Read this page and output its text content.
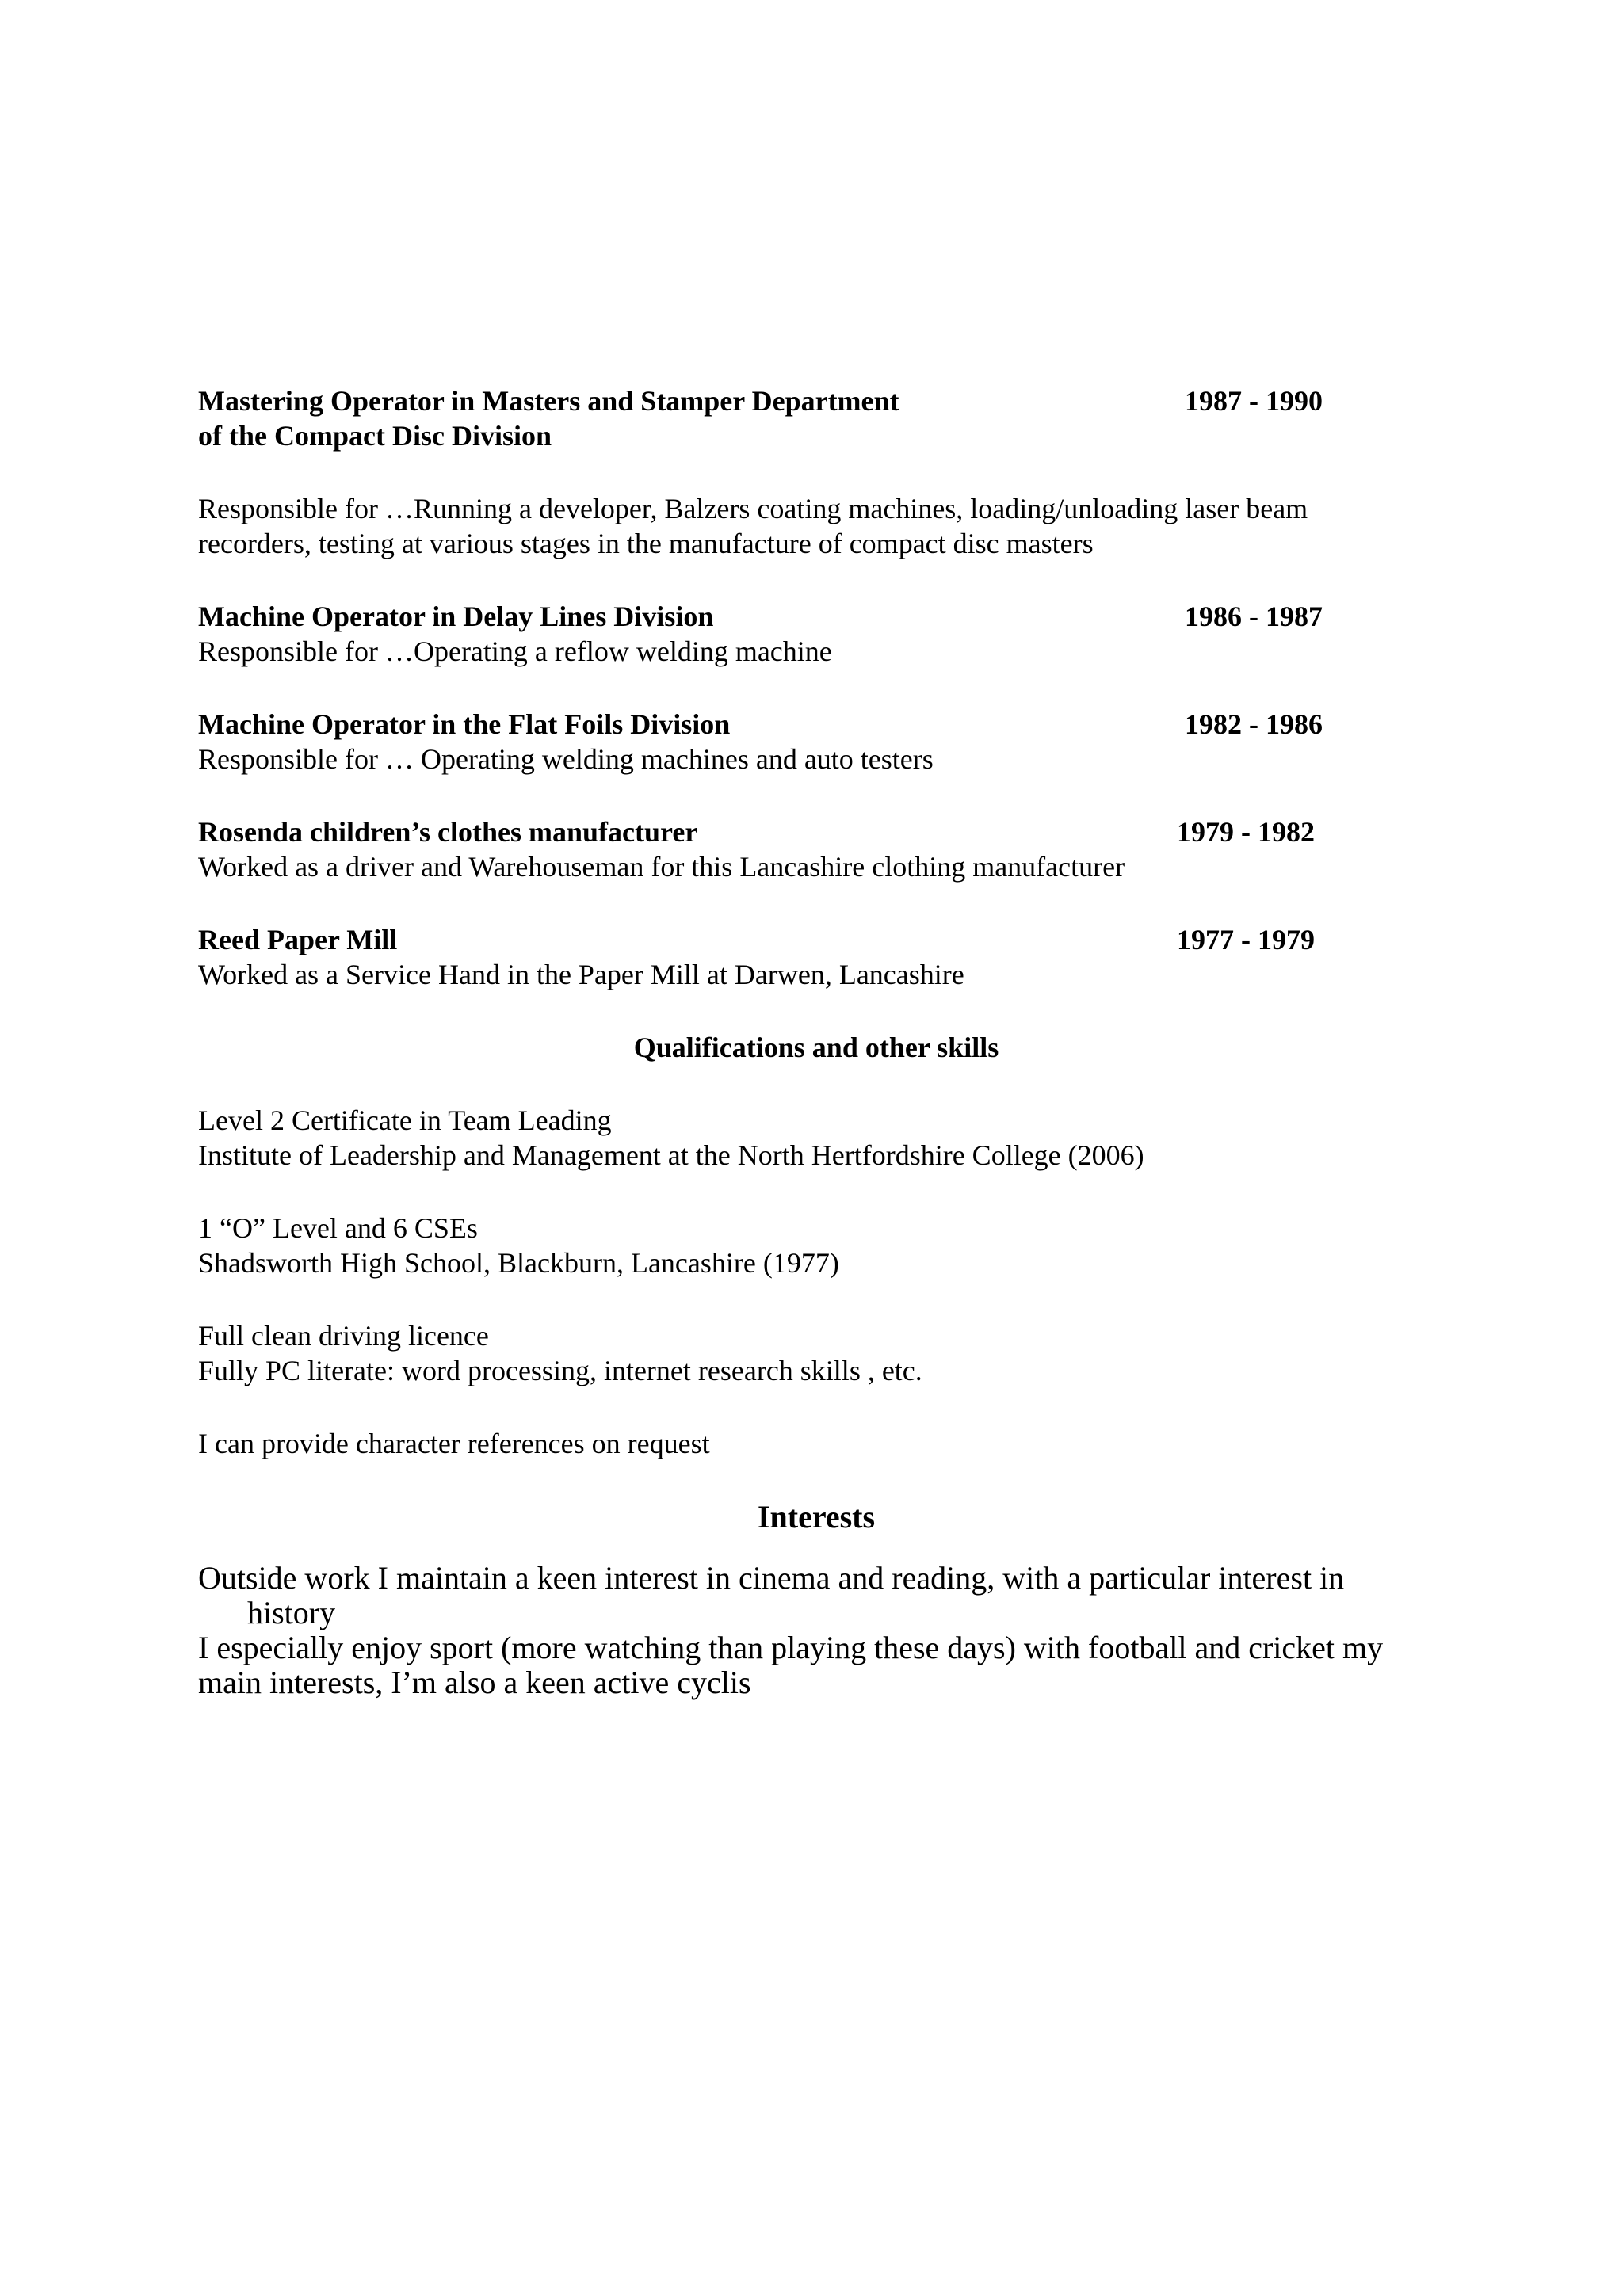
Mastering Operator in Masters and Stamper Department	1987 - 1990
of the Compact Disc Division
Responsible for …Running a developer, Balzers coating machines, loading/unloading laser beam
recorders, testing at various stages in the manufacture of compact disc masters
Machine Operator in Delay Lines Division	1986 - 1987
Responsible for …Operating a reflow welding machine
Machine Operator in the Flat Foils Division	1982 - 1986
Responsible for … Operating welding machines and auto testers
Rosenda children’s clothes manufacturer	1979 - 1982
Worked as a driver and Warehouseman for this Lancashire clothing manufacturer
Reed Paper Mill	1977 - 1979
Worked as a Service Hand in the Paper Mill at Darwen, Lancashire
Qualifications and other skills
Level 2 Certificate in Team Leading
Institute of Leadership and Management at the North Hertfordshire College (2006)
1 “O” Level and 6 CSEs
Shadsworth High School, Blackburn, Lancashire (1977)
Full clean driving licence
Fully PC literate: word processing, internet research skills , etc.
I can provide character references on request
Interests
Outside work I maintain a keen interest in cinema and reading, with a particular interest in
history
I especially enjoy sport (more watching than playing these days) with football and cricket my
main interests, I’m also a keen active cyclis
